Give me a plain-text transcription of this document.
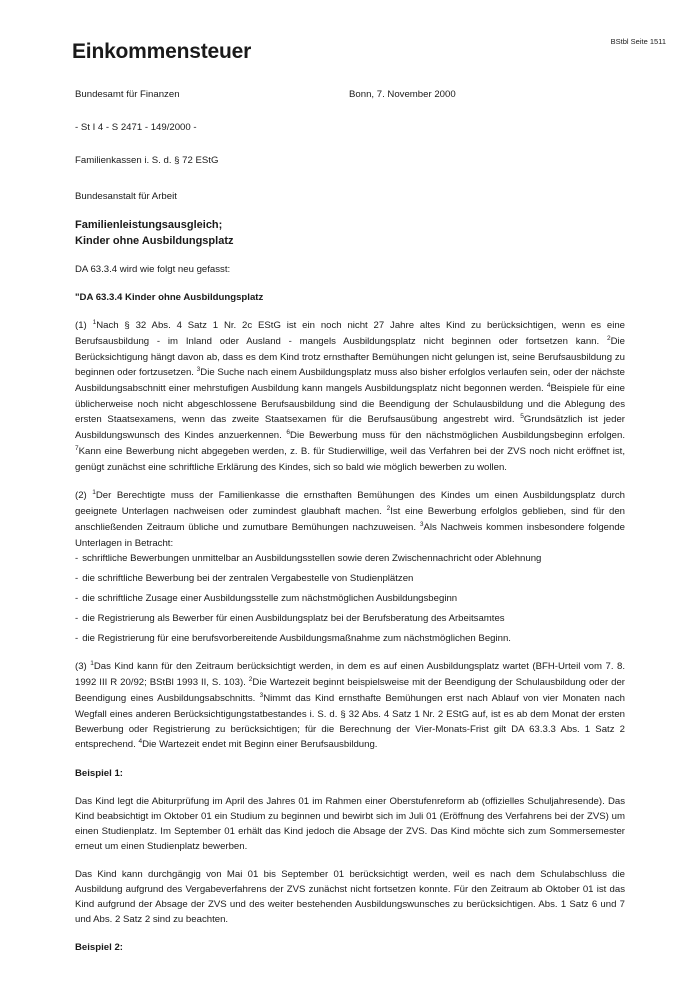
BStbl Seite 1511
Einkommensteuer
Bundesamt für Finanzen	Bonn, 7. November 2000

- St I 4 - S 2471 - 149/2000 -

Familienkassen i. S. d. § 72 EStG

Bundesanstalt für Arbeit

Familienleistungsausgleich;
Kinder ohne Ausbildungsplatz

DA 63.3.4 wird wie folgt neu gefasst:

"DA 63.3.4 Kinder ohne Ausbildungsplatz

(1) $^1$Nach § 32 Abs. 4 Satz 1 Nr. 2c EStG ist ein noch nicht 27 Jahre altes Kind zu berücksichtigen, wenn es eine Berufsausbildung - im Inland oder Ausland - mangels Ausbildungsplatz nicht beginnen oder fortsetzen kann. $^2$Die Berücksichtigung hängt davon ab, dass es dem Kind trotz ernsthafter Bemühungen nicht gelungen ist, seine Berufsausbildung zu beginnen oder fortzusetzen. $^3$Die Suche nach einem Ausbildungsplatz muss also bisher erfolglos verlaufen sein, oder der nächste Ausbildungsabschnitt einer mehrstufigen Ausbildung kann mangels Ausbildungsplatz nicht begonnen werden. $^4$Beispiele für eine üblicherweise noch nicht abgeschlossene Berufsausbildung sind die Beendigung der Schulausbildung und die Ablegung des ersten Staatsexamens, wenn das zweite Staatsexamen für die Berufsausübung angestrebt wird. $^5$Grundsätzlich ist jeder Ausbildungswunsch des Kindes anzuerkennen. $^6$Die Bewerbung muss für den nächstmöglichen Ausbildungsbeginn erfolgen. $^7$Kann eine Bewerbung nicht abgegeben werden, z. B. für Studierwillige, weil das Verfahren bei der ZVS noch nicht eröffnet ist, genügt zunächst eine schriftliche Erklärung des Kindes, sich so bald wie möglich bewerben zu wollen.

(2) $^1$Der Berechtigte muss der Familienkasse die ernsthaften Bemühungen des Kindes um einen Ausbildungsplatz durch geeignete Unterlagen nachweisen oder zumindest glaubhaft machen. $^2$Ist eine Bewerbung erfolglos geblieben, sind für den anschließenden Zeitraum übliche und zumutbare Bemühungen nachzuweisen. $^3$Als Nachweis kommen insbesondere folgende Unterlagen in Betracht:

- schriftliche Bewerbungen unmittelbar an Ausbildungsstellen sowie deren Zwischennachricht oder Ablehnung
- die schriftliche Bewerbung bei der zentralen Vergabestelle von Studienplätzen
- die schriftliche Zusage einer Ausbildungsstelle zum nächstmöglichen Ausbildungsbeginn
- die Registrierung als Bewerber für einen Ausbildungsplatz bei der Berufsberatung des Arbeitsamtes
- die Registrierung für eine berufsvorbereitende Ausbildungsmaßnahme zum nächstmöglichen Beginn.

(3) $^1$Das Kind kann für den Zeitraum berücksichtigt werden, in dem es auf einen Ausbildungsplatz wartet (BFH-Urteil vom 7. 8. 1992 III R 20/92; BStBl 1993 II, S. 103). $^2$Die Wartezeit beginnt beispielsweise mit der Beendigung der Schulausbildung oder der Beendigung eines Ausbildungsabschnitts. $^3$Nimmt das Kind ernsthafte Bemühungen erst nach Ablauf von vier Monaten nach Wegfall eines anderen Berücksichtigungstatbestandes i. S. d. § 32 Abs. 4 Satz 1 Nr. 2 EStG auf, ist es ab dem Monat der ersten Bewerbung oder Registrierung zu berücksichtigen; für die Berechnung der Vier-Monats-Frist gilt DA 63.3.3 Abs. 1 Satz 2 entsprechend. $^4$Die Wartezeit endet mit Beginn einer Berufsausbildung.

Beispiel 1:

Das Kind legt die Abiturprüfung im April des Jahres 01 im Rahmen einer Oberstufenreform ab (offizielles Schuljahresende). Das Kind beabsichtigt im Oktober 01 ein Studium zu beginnen und bewirbt sich im Juli 01 (Eröffnung des Verfahrens bei der ZVS) um einen Studienplatz. Im September 01 erhält das Kind jedoch die Absage der ZVS. Das Kind möchte sich zum Sommersemester erneut um einen Studienplatz bewerben.

Das Kind kann durchgängig von Mai 01 bis September 01 berücksichtigt werden, weil es nach dem Schulabschluss die Ausbildung aufgrund des Vergabeverfahrens der ZVS zunächst nicht fortsetzen konnte. Für den Zeitraum ab Oktober 01 ist das Kind aufgrund der Absage der ZVS und des weiter bestehenden Ausbildungswunsches zu berücksichtigen. Abs. 1 Satz 6 und 7 und Abs. 2 Satz 2 sind zu beachten.

Beispiel 2:
